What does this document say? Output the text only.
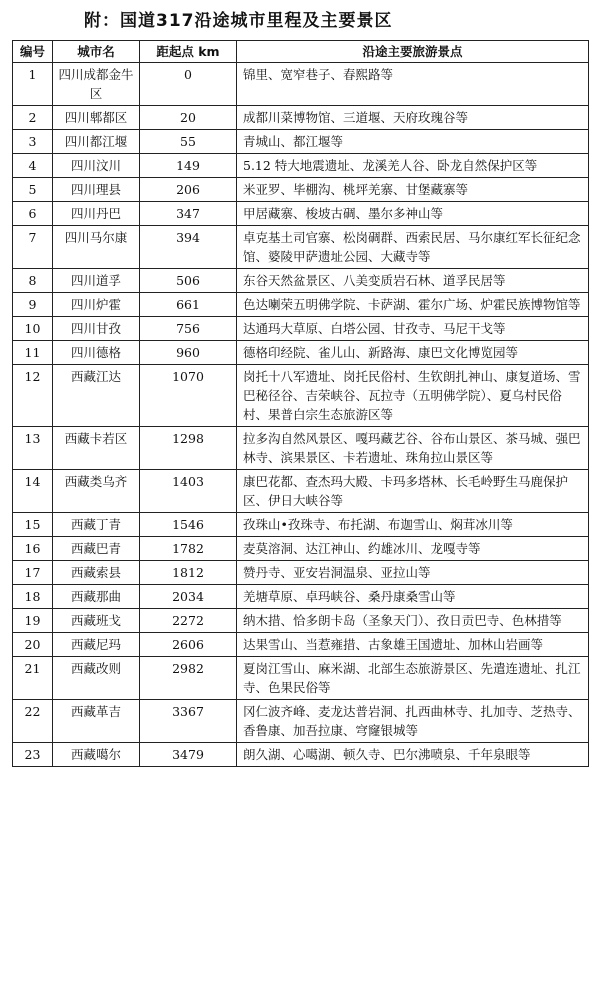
附：国道317沿途城市里程及主要景区
编号	城市名	距起点 km	沿途主要旅游景点
1	四川成都金牛区	0	锦里、宽窄巷子、春熙路等
2	四川郫都区	20	成都川菜博物馆、三道堰、天府玫瑰谷等
3	四川都江堰	55	青城山、都江堰等
4	四川汶川	149	5.12 特大地震遗址、龙溪羌人谷、卧龙自然保护区等
5	四川理县	206	米亚罗、毕棚沟、桃坪羌寨、甘堡藏寨等
6	四川丹巴	347	甲居藏寨、梭坡古碉、墨尔多神山等
7	四川马尔康	394	卓克基土司官寨、松岗碉群、西索民居、马尔康红军长征纪念馆、婆陵甲萨遗址公园、大藏寺等
8	四川道孚	506	东谷天然盆景区、八美变质岩石林、道孚民居等
9	四川炉霍	661	色达喇荣五明佛学院、卡萨湖、霍尔广场、炉霍民族博物馆等
10	四川甘孜	756	达通玛大草原、白塔公园、甘孜寺、马尼干戈等
11	四川德格	960	德格印经院、雀儿山、新路海、康巴文化博览园等
12	西藏江达	1070	岗托十八军遗址、岗托民俗村、生钦朗扎神山、康复道场、雪巴秘径谷、吉荣峡谷、瓦拉寺（五明佛学院）、夏乌村民俗村、果普白宗生态旅游区等
13	西藏卡若区	1298	拉多沟自然风景区、嘎玛藏艺谷、谷布山景区、茶马城、强巴林寺、滨果景区、卡若遗址、珠角拉山景区等
14	西藏类乌齐	1403	康巴花都、查杰玛大殿、卡玛多塔林、长毛岭野生马鹿保护区、伊日大峡谷等
15	西藏丁青	1546	孜珠山•孜珠寺、布托湖、布迦雪山、焖茸冰川等
16	西藏巴青	1782	麦莫溶洞、达江神山、约雄冰川、龙嘎寺等
17	西藏索县	1812	赞丹寺、亚安岩洞温泉、亚拉山等
18	西藏那曲	2034	羌塘草原、卓玛峡谷、桑丹康桑雪山等
19	西藏班戈	2272	纳木措、恰多朗卡岛（圣象天门）、孜日贡巴寺、色林措等
20	西藏尼玛	2606	达果雪山、当惹雍措、古象雄王国遗址、加林山岩画等
21	西藏改则	2982	夏岗江雪山、麻米湖、北部生态旅游景区、先遣连遗址、扎江寺、色果民俗等
22	西藏革吉	3367	冈仁波齐峰、麦龙达普岩洞、扎西曲林寺、扎加寺、芝热寺、香鲁康、加吾拉康、穹窿银城等
23	西藏噶尔	3479	朗久湖、心噶湖、顿久寺、巴尔沸喷泉、千年泉眼等
